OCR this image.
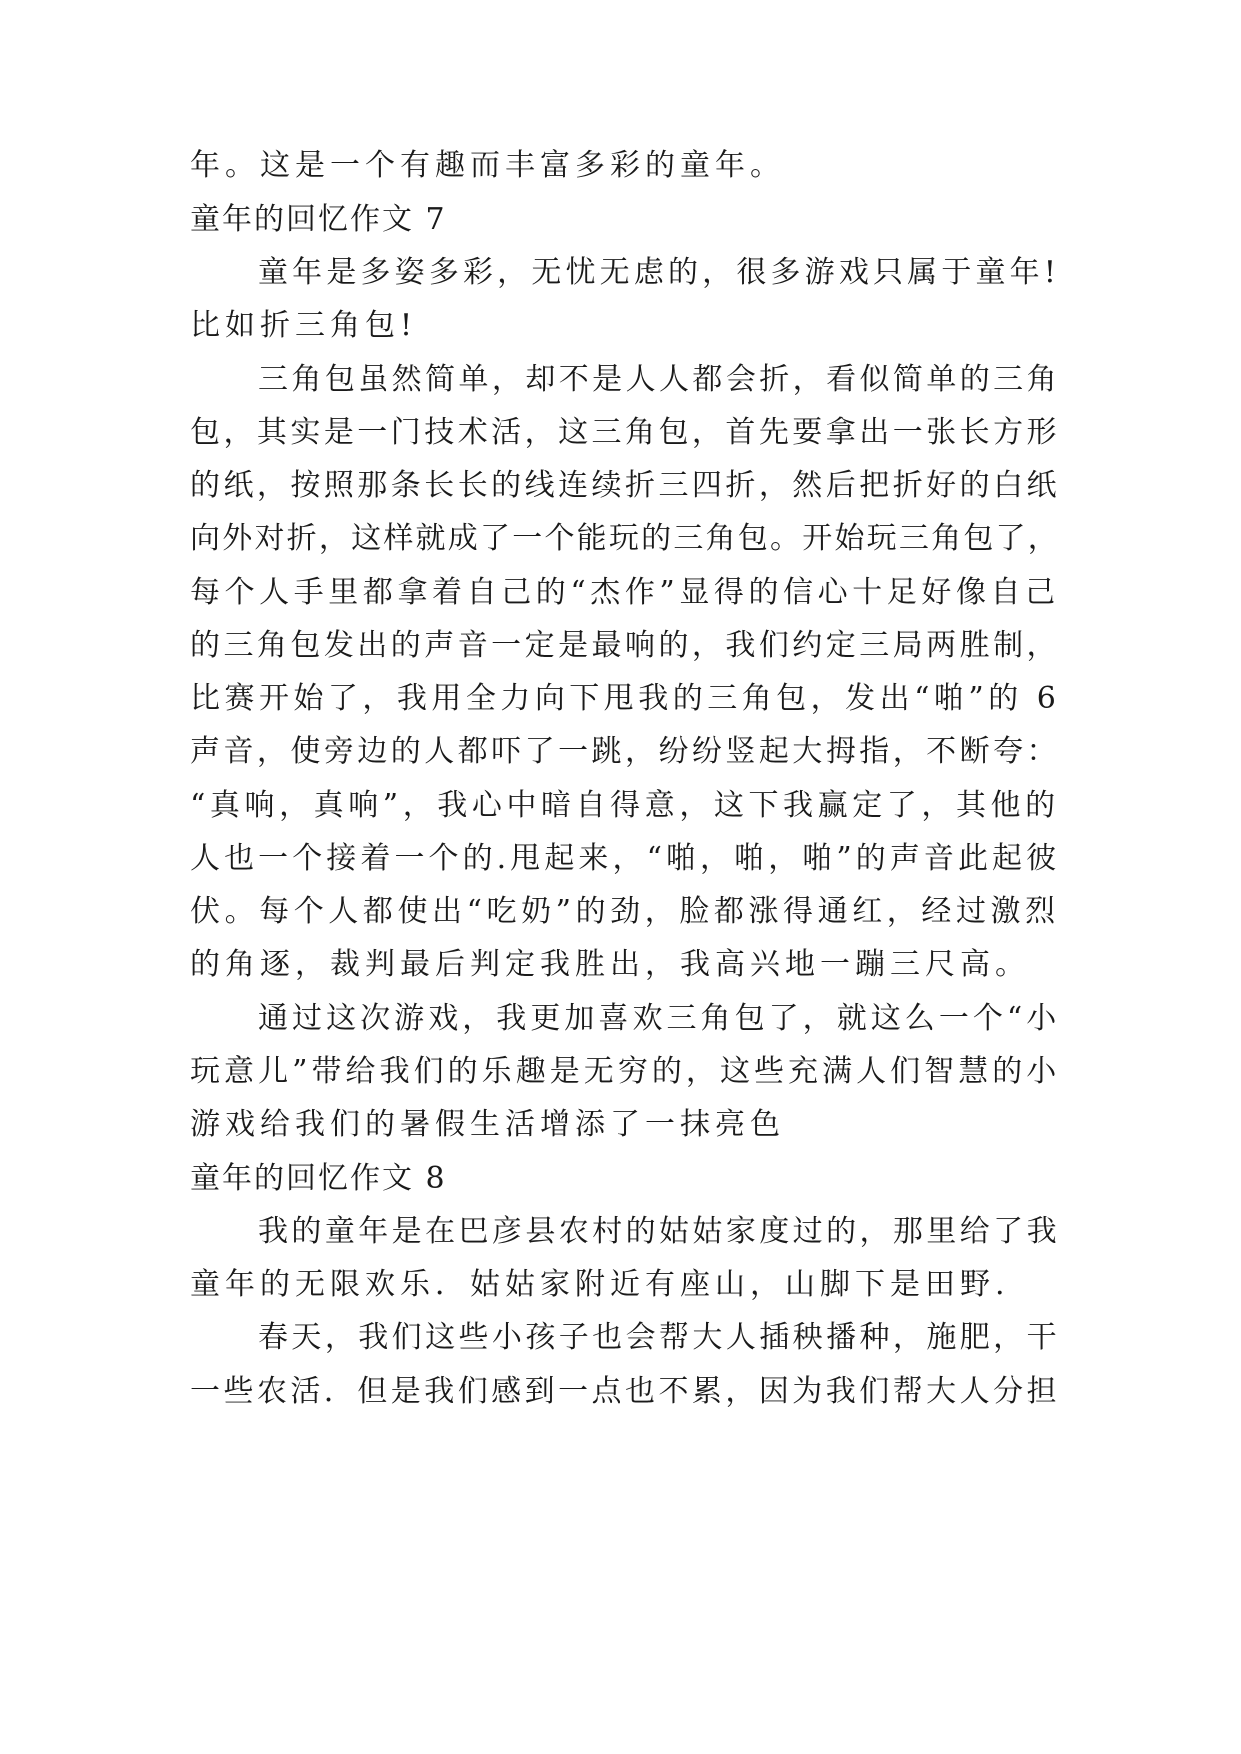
年。这是一个有趣而丰富多彩的童年。
童年的回忆作文 7
童年是多姿多彩，无忧无虑的，很多游戏只属于童年!
比如折三角包!
三角包虽然简单，却不是人人都会折，看似简单的三角
包，其实是一门技术活，这三角包，首先要拿出一张长方形
的纸，按照那条长长的线连续折三四折，然后把折好的白纸
向外对折，这样就成了一个能玩的三角包。开始玩三角包了，
每个人手里都拿着自己的“杰作”显得的信心十足好像自己
的三角包发出的声音一定是最响的，我们约定三局两胜制，
比赛开始了，我用全力向下甩我的三角包，发出“啪”的 6
声音，使旁边的人都吓了一跳，纷纷竖起大拇指，不断夸：
“真响，真响”，我心中暗自得意，这下我赢定了，其他的
人也一个接着一个的.甩起来，“啪，啪，啪”的声音此起彼
伏。每个人都使出“吃奶”的劲，脸都涨得通红，经过激烈
的角逐，裁判最后判定我胜出，我高兴地一蹦三尺高。
通过这次游戏，我更加喜欢三角包了，就这么一个“小
玩意儿”带给我们的乐趣是无穷的，这些充满人们智慧的小
游戏给我们的暑假生活增添了一抹亮色
童年的回忆作文 8
我的童年是在巴彦县农村的姑姑家度过的，那里给了我
童年的无限欢乐．姑姑家附近有座山，山脚下是田野.
春天，我们这些小孩子也会帮大人插秧播种，施肥，干
一些农活．但是我们感到一点也不累，因为我们帮大人分担
